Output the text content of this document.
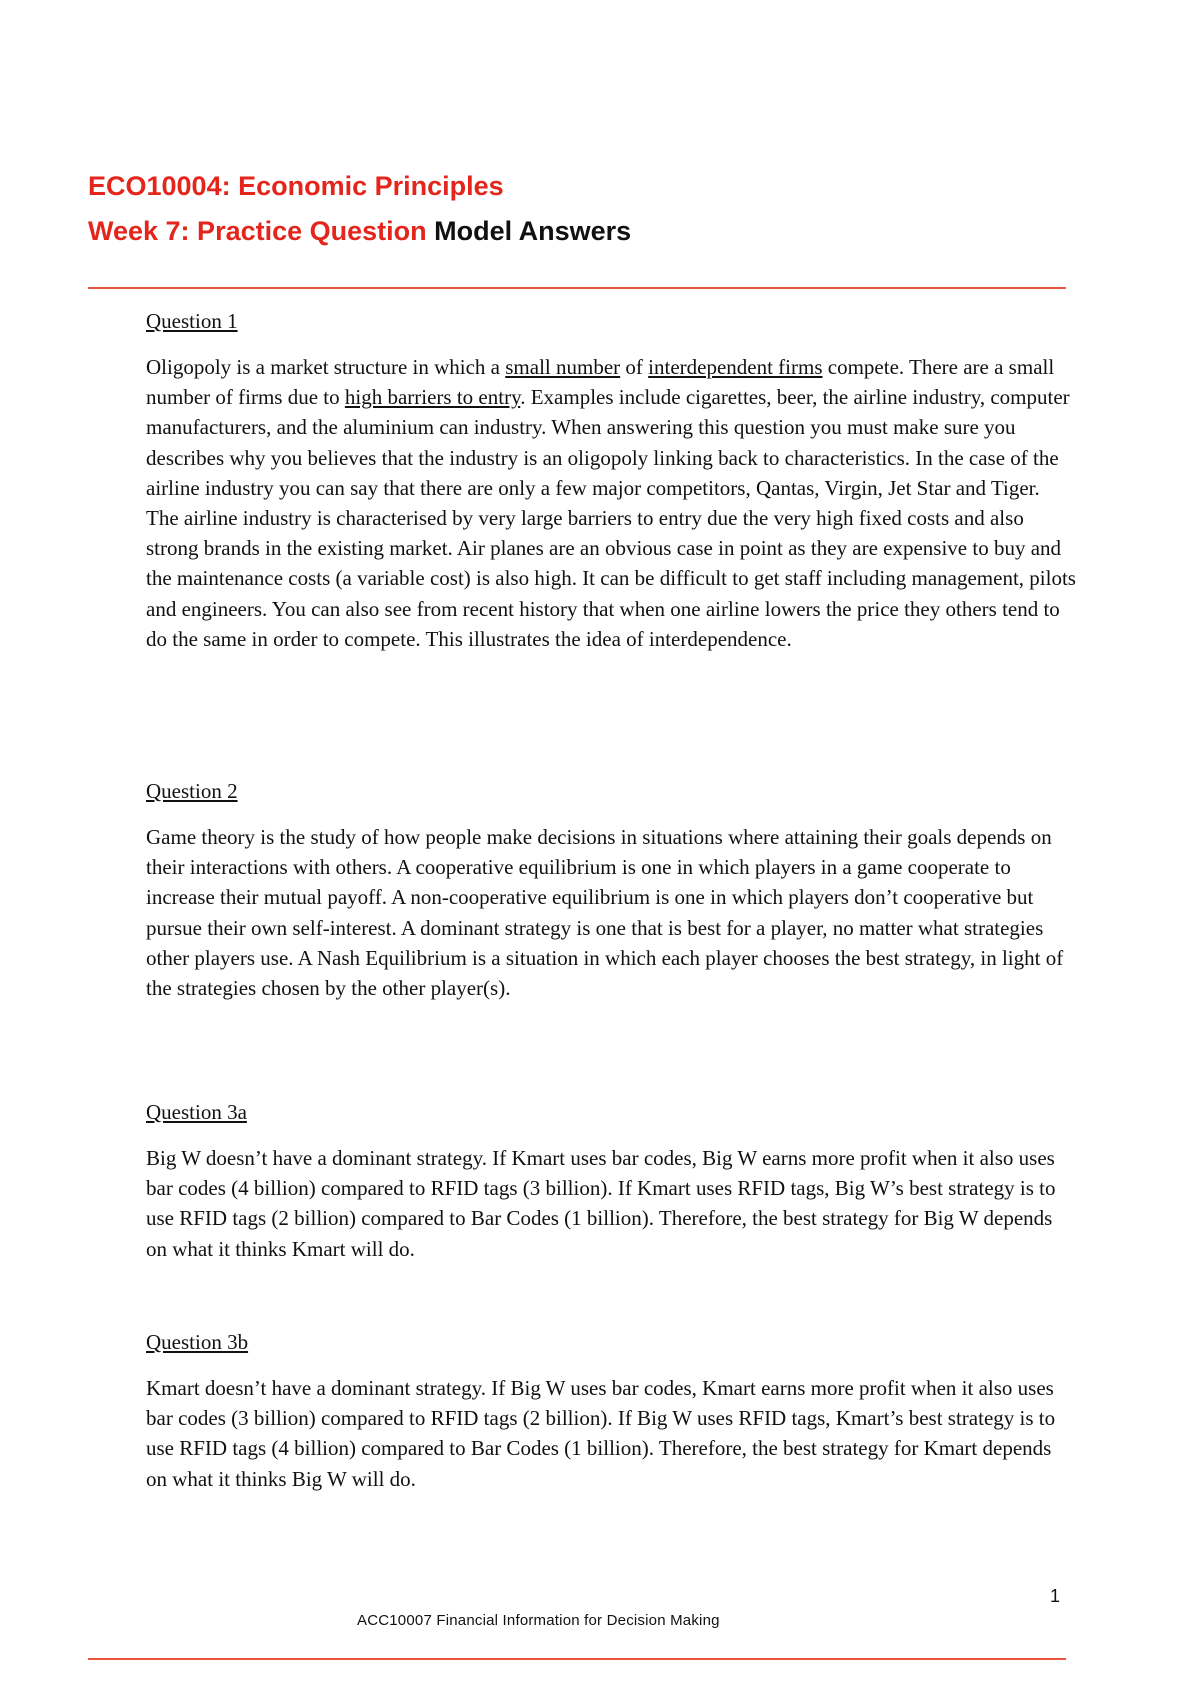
ECO10004: Economic Principles
Week 7: Practice Question Model Answers

Question 1

Oligopoly is a market structure in which a small number of interdependent firms compete. There are a small number of firms due to high barriers to entry. Examples include cigarettes, beer, the airline industry, computer manufacturers, and the aluminium can industry. When answering this question you must make sure you describes why you believes that the industry is an oligopoly linking back to characteristics. In the case of the airline industry you can say that there are only a few major competitors, Qantas, Virgin, Jet Star and Tiger. The airline industry is characterised by very large barriers to entry due the very high fixed costs and also strong brands in the existing market. Air planes are an obvious case in point as they are expensive to buy and the maintenance costs (a variable cost) is also high. It can be difficult to get staff including management, pilots and engineers. You can also see from recent history that when one airline lowers the price they others tend to do the same in order to compete. This illustrates the idea of interdependence.

Question 2

Game theory is the study of how people make decisions in situations where attaining their goals depends on their interactions with others. A cooperative equilibrium is one in which players in a game cooperate to increase their mutual payoff. A non-cooperative equilibrium is one in which players don’t cooperative but pursue their own self-interest. A dominant strategy is one that is best for a player, no matter what strategies other players use. A Nash Equilibrium is a situation in which each player chooses the best strategy, in light of the strategies chosen by the other player(s).

Question 3a

Big W doesn’t have a dominant strategy. If Kmart uses bar codes, Big W earns more profit when it also uses bar codes (4 billion) compared to RFID tags (3 billion). If Kmart uses RFID tags, Big W’s best strategy is to use RFID tags (2 billion) compared to Bar Codes (1 billion). Therefore, the best strategy for Big W depends on what it thinks Kmart will do.

Question 3b

Kmart doesn’t have a dominant strategy. If Big W uses bar codes, Kmart earns more profit when it also uses bar codes (3 billion) compared to RFID tags (2 billion). If Big W uses RFID tags, Kmart’s best strategy is to use RFID tags (4 billion) compared to Bar Codes (1 billion). Therefore, the best strategy for Kmart depends on what it thinks Big W will do.

1
ACC10007 Financial Information for Decision Making
